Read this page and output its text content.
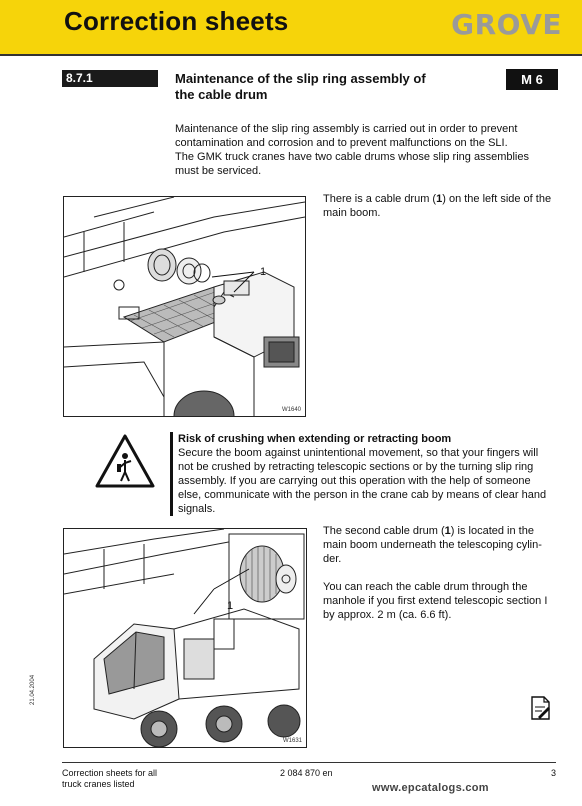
Correction sheets	GROVE
8.7.1	Maintenance of the slip ring assembly of
the cable drum
M 6
Maintenance of the slip ring assembly is carried out in order to prevent
contamination and corrosion and to prevent malfunctions on the SLI.
The GMK truck cranes have two cable drums whose slip ring assemblies
must be serviced.
1
W1640
There is a cable drum (1) on the left side of the
main boom.
Risk of crushing when extending or retracting boom
Secure the boom against unintentional movement, so that your fingers will
not be crushed by retracting telescopic sections or by the turning slip ring
assembly. If you are carrying out this operation with the help of someone
else, communicate with the person in the crane cab by means of clear hand
signals.
1
W1631
The second cable drum (1) is located in the
main boom underneath the telescoping cylin-
der.
You can reach the cable drum through the
manhole if you first extend telescopic section I
by approx. 2 m (ca. 6.6 ft).
21.04.2004
Correction sheets for all
truck cranes listed
2 084 870 en	3
www.epcatalogs.com
